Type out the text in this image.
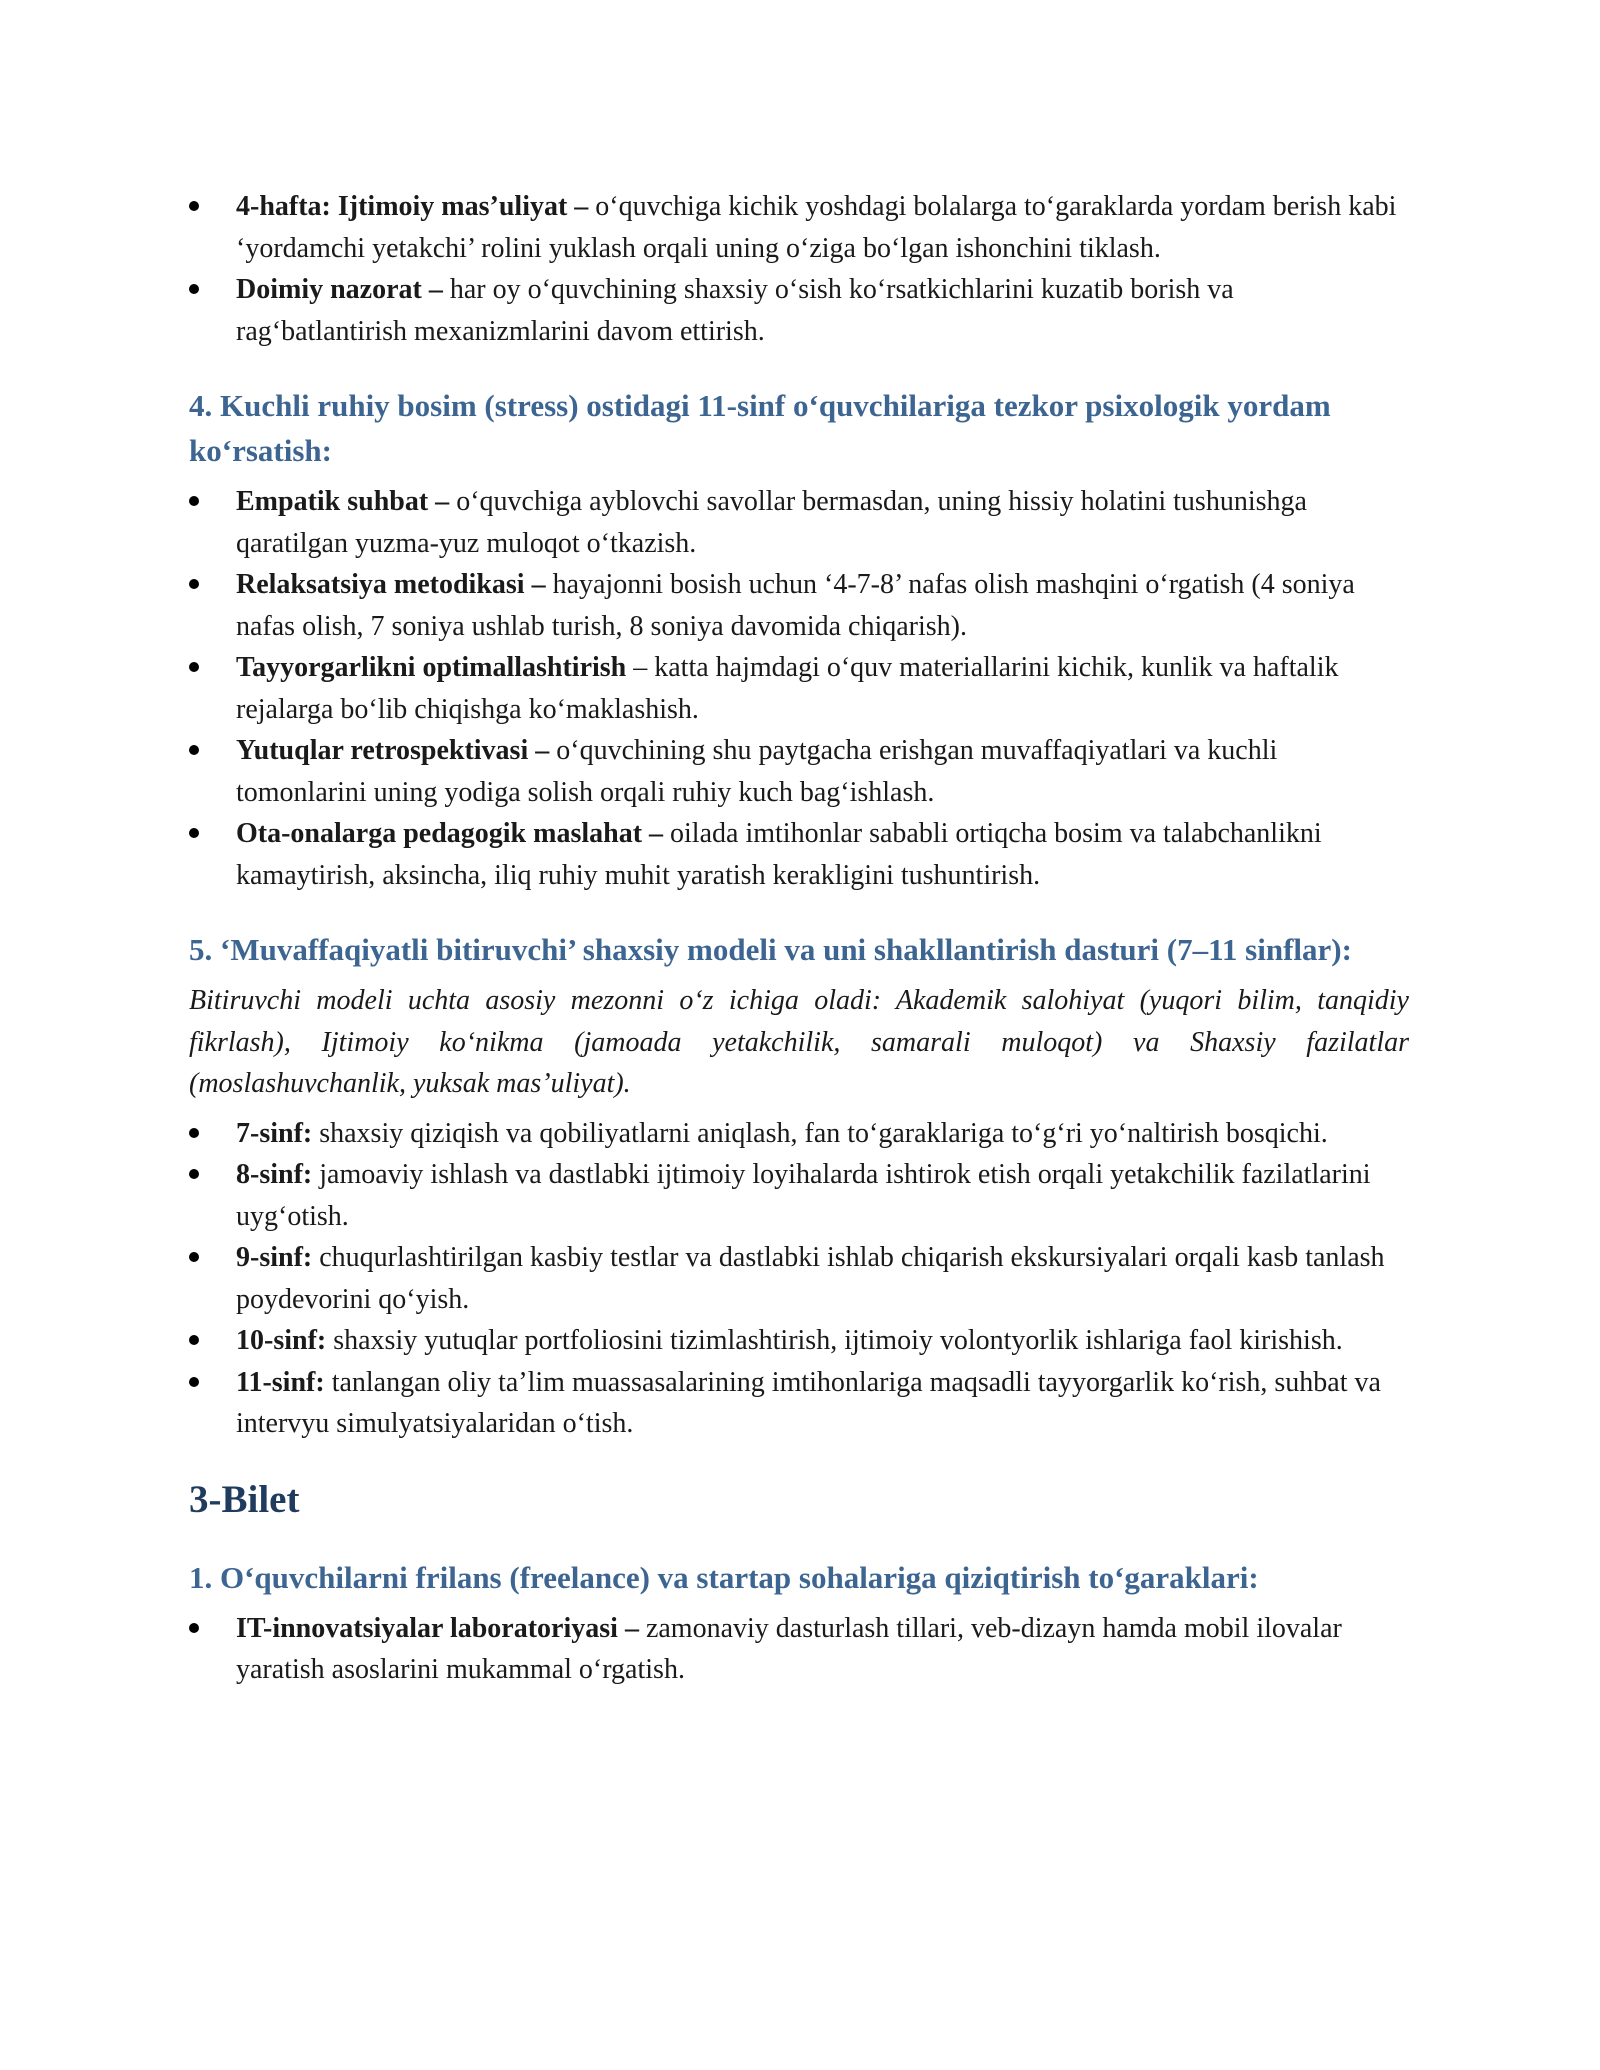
4-hafta: Ijtimoiy mas’uliyat – o‘quvchiga kichik yoshdagi bolalarga to‘garaklarda yordam berish kabi ‘yordamchi yetakchi’ rolini yuklash orqali uning o‘ziga bo‘lgan ishonchini tiklash.
Doimiy nazorat – har oy o‘quvchining shaxsiy o‘sish ko‘rsatkichlarini kuzatib borish va rag‘batlantirish mexanizmlarini davom ettirish.
4. Kuchli ruhiy bosim (stress) ostidagi 11-sinf o‘quvchilariga tezkor psixologik yordam ko‘rsatish:
Empatik suhbat – o‘quvchiga ayblovchi savollar bermasdan, uning hissiy holatini tushunishga qaratilgan yuzma-yuz muloqot o‘tkazish.
Relaksatsiya metodikasi – hayajonni bosish uchun ‘4-7-8’ nafas olish mashqini o‘rgatish (4 soniya nafas olish, 7 soniya ushlab turish, 8 soniya davomida chiqarish).
Tayyorgarlikni optimallashtirish – katta hajmdagi o‘quv materiallarini kichik, kunlik va haftalik rejalarga bo‘lib chiqishga ko‘maklashish.
Yutuqlar retrospektivasi – o‘quvchining shu paytgacha erishgan muvaffaqiyatlari va kuchli tomonlarini uning yodiga solish orqali ruhiy kuch bag‘ishlash.
Ota-onalarga pedagogik maslahat – oilada imtihonlar sababli ortiqcha bosim va talabchanlikni kamaytirish, aksincha, iliq ruhiy muhit yaratish kerakligini tushuntirish.
5. ‘Muvaffaqiyatli bitiruvchi’ shaxsiy modeli va uni shakllantirish dasturi (7–11 sinflar):

Bitiruvchi modeli uchta asosiy mezonni o‘z ichiga oladi: Akademik salohiyat (yuqori bilim, tanqidiy fikrlash), Ijtimoiy ko‘nikma (jamoada yetakchilik, samarali muloqot) va Shaxsiy fazilatlar (moslashuvchanlik, yuksak mas’uliyat).

7-sinf: shaxsiy qiziqish va qobiliyatlarni aniqlash, fan to‘garaklariga to‘g‘ri yo‘naltirish bosqichi.
8-sinf: jamoaviy ishlash va dastlabki ijtimoiy loyihalarda ishtirok etish orqali yetakchilik fazilatlarini uyg‘otish.
9-sinf: chuqurlashtirilgan kasbiy testlar va dastlabki ishlab chiqarish ekskursiyalari orqali kasb tanlash poydevorini qo‘yish.
10-sinf: shaxsiy yutuqlar portfoliosini tizimlashtirish, ijtimoiy volontyorlik ishlariga faol kirishish.
11-sinf: tanlangan oliy ta’lim muassasalarining imtihonlariga maqsadli tayyorgarlik ko‘rish, suhbat va intervyu simulyatsiyalaridan o‘tish.
3-Bilet
1. O‘quvchilarni frilans (freelance) va startap sohalariga qiziqtirish to‘garaklari:
IT-innovatsiyalar laboratoriyasi – zamonaviy dasturlash tillari, veb-dizayn hamda mobil ilovalar yaratish asoslarini mukammal o‘rgatish.
